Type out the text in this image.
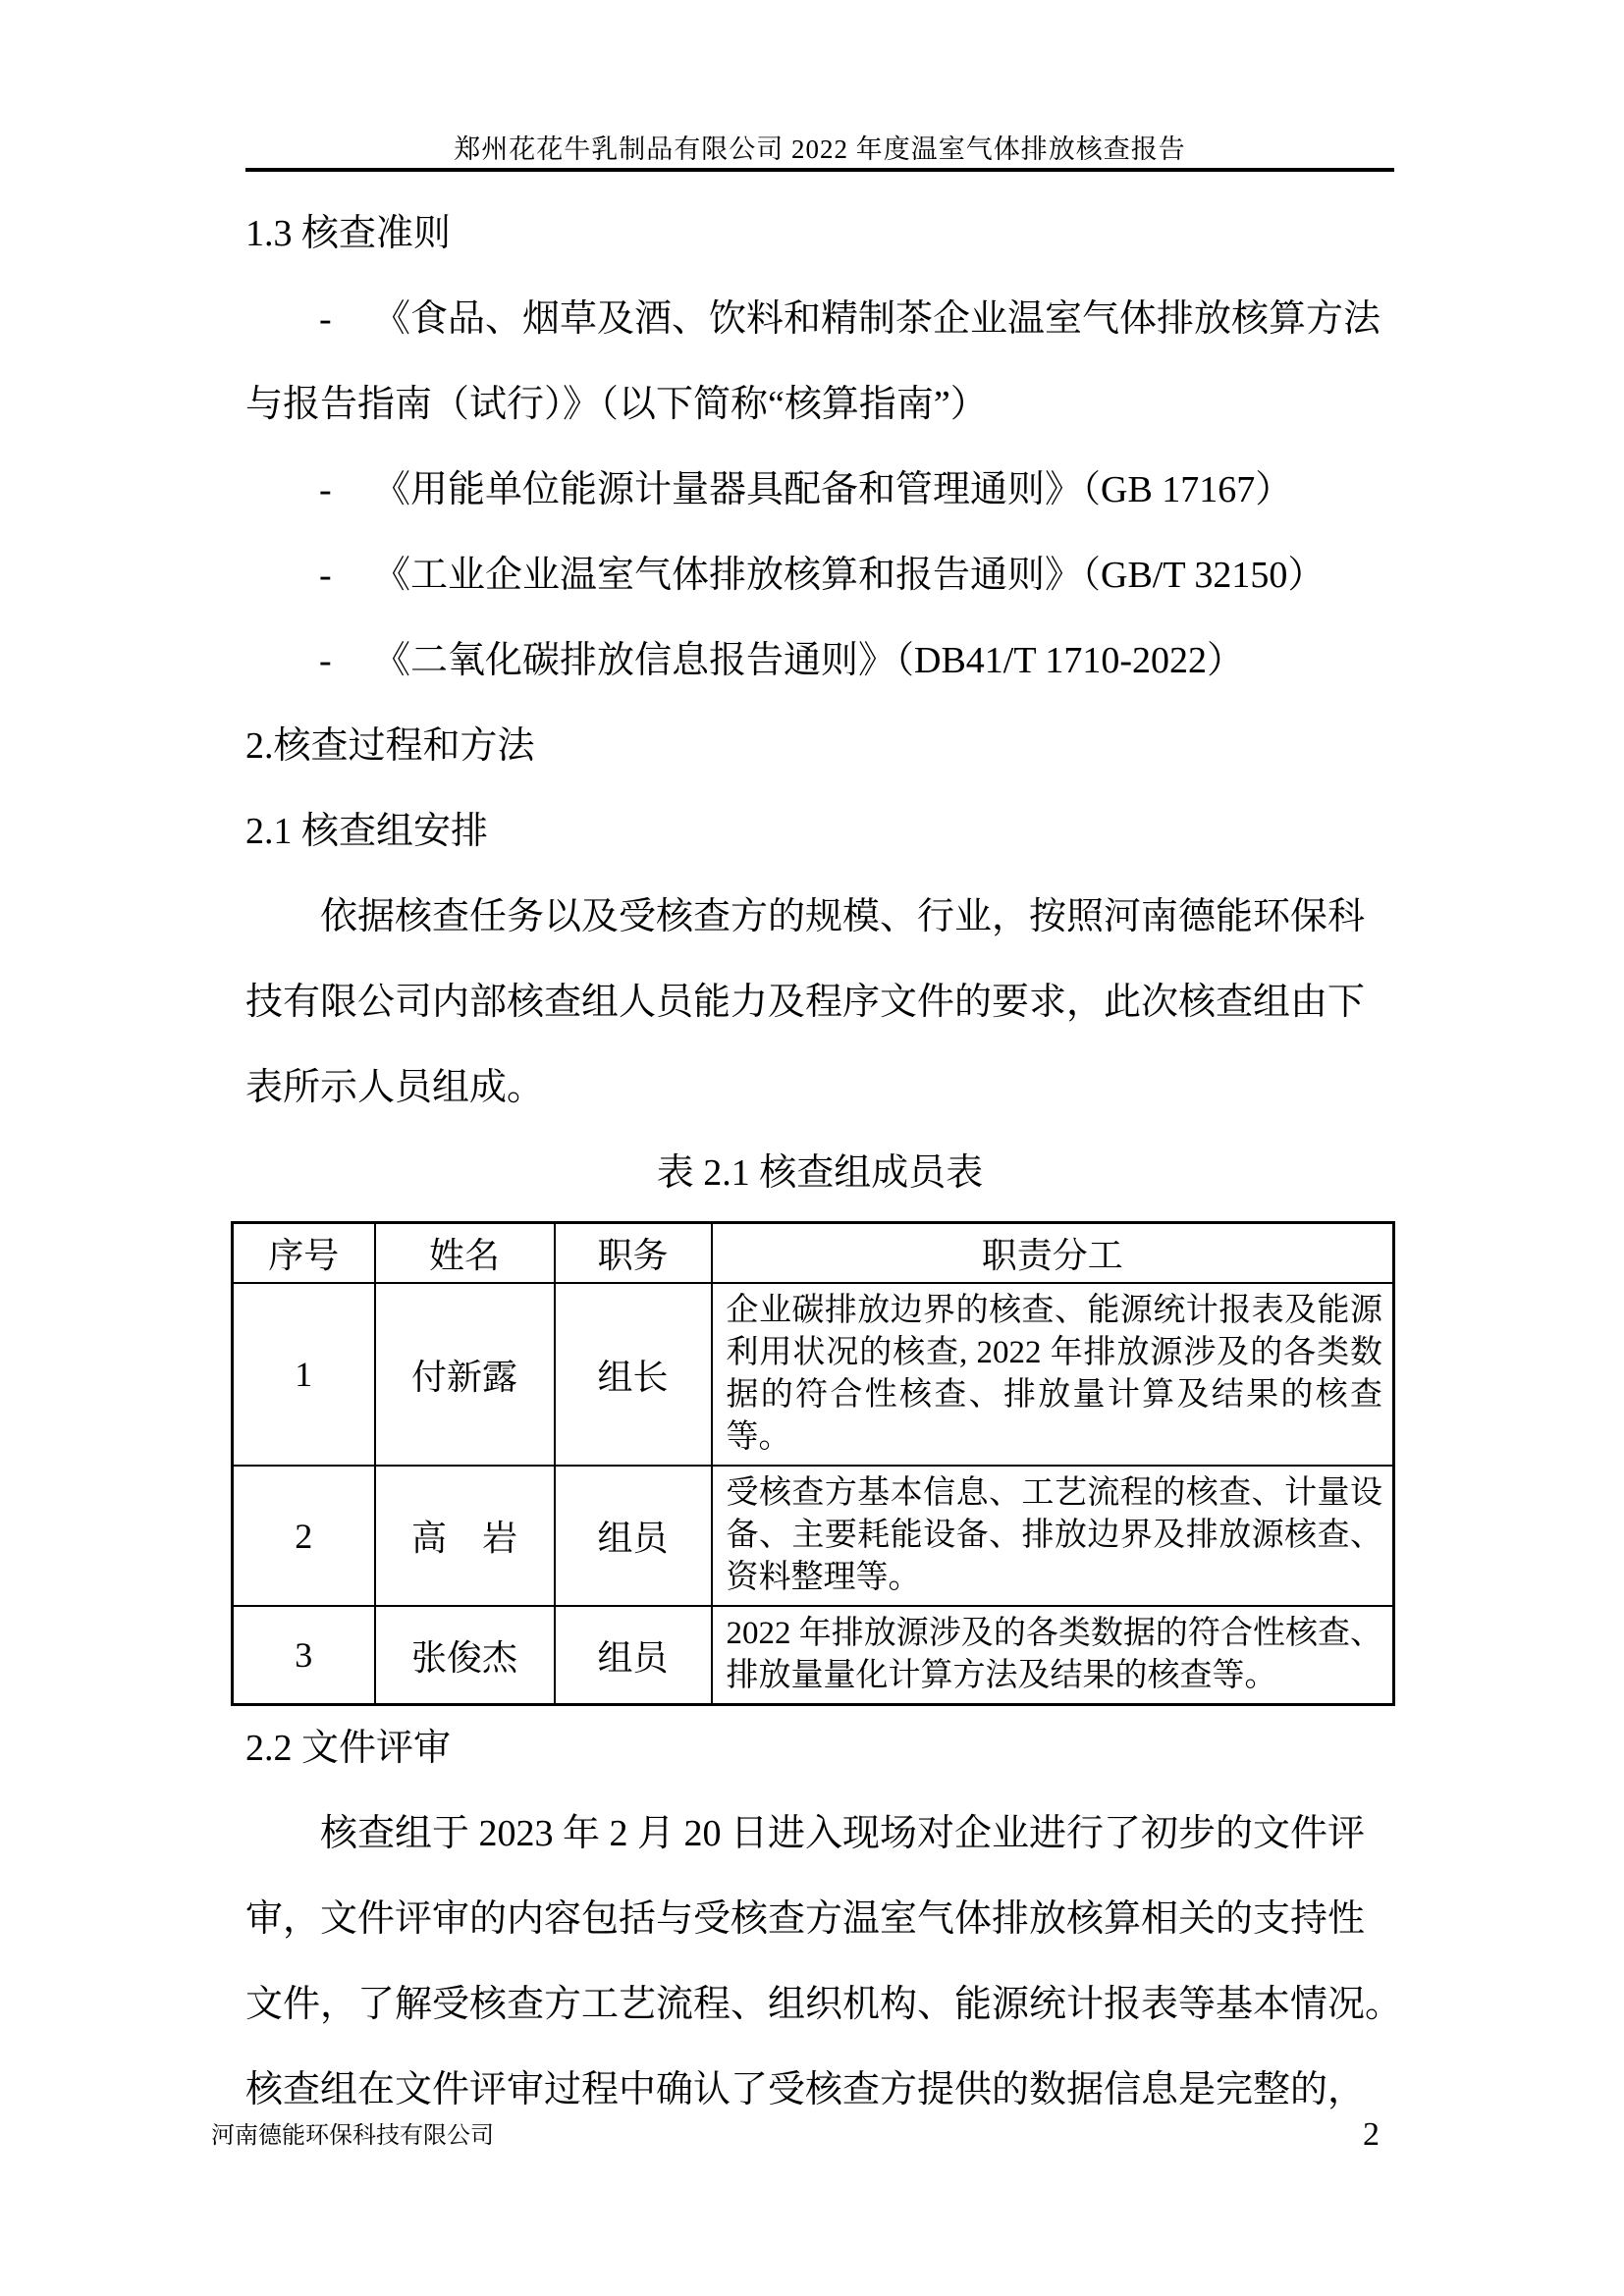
郑州花花牛乳制品有限公司 2022 年度温室气体排放核查报告
1.3 核查准则
- 《食品、烟草及酒、饮料和精制茶企业温室气体排放核算方法
与报告指南（试行）》（以下简称“核算指南”）
- 《用能单位能源计量器具配备和管理通则》（GB 17167）
- 《工业企业温室气体排放核算和报告通则》（GB/T 32150）
- 《二氧化碳排放信息报告通则》（DB41/T 1710-2022）
2.核查过程和方法
2.1 核查组安排
依据核查任务以及受核查方的规模、行业，按照河南德能环保科
技有限公司内部核查组人员能力及程序文件的要求，此次核查组由下
表所示人员组成。
表 2.1 核查组成员表
序号	姓名	职务	职责分工
1	付新露	组长	企业碳排放边界的核查、能源统计报表及能源利用状况的核查, 2022 年排放源涉及的各类数据的符合性核查、排放量计算及结果的核查等。
2	高　岩	组员	受核查方基本信息、工艺流程的核查、计量设备、主要耗能设备、排放边界及排放源核查、资料整理等。
3	张俊杰	组员	2022 年排放源涉及的各类数据的符合性核查、排放量量化计算方法及结果的核查等。
2.2 文件评审
核查组于 2023 年 2 月 20 日进入现场对企业进行了初步的文件评
审，文件评审的内容包括与受核查方温室气体排放核算相关的支持性
文件，了解受核查方工艺流程、组织机构、能源统计报表等基本情况。
核查组在文件评审过程中确认了受核查方提供的数据信息是完整的，
河南德能环保科技有限公司	2
